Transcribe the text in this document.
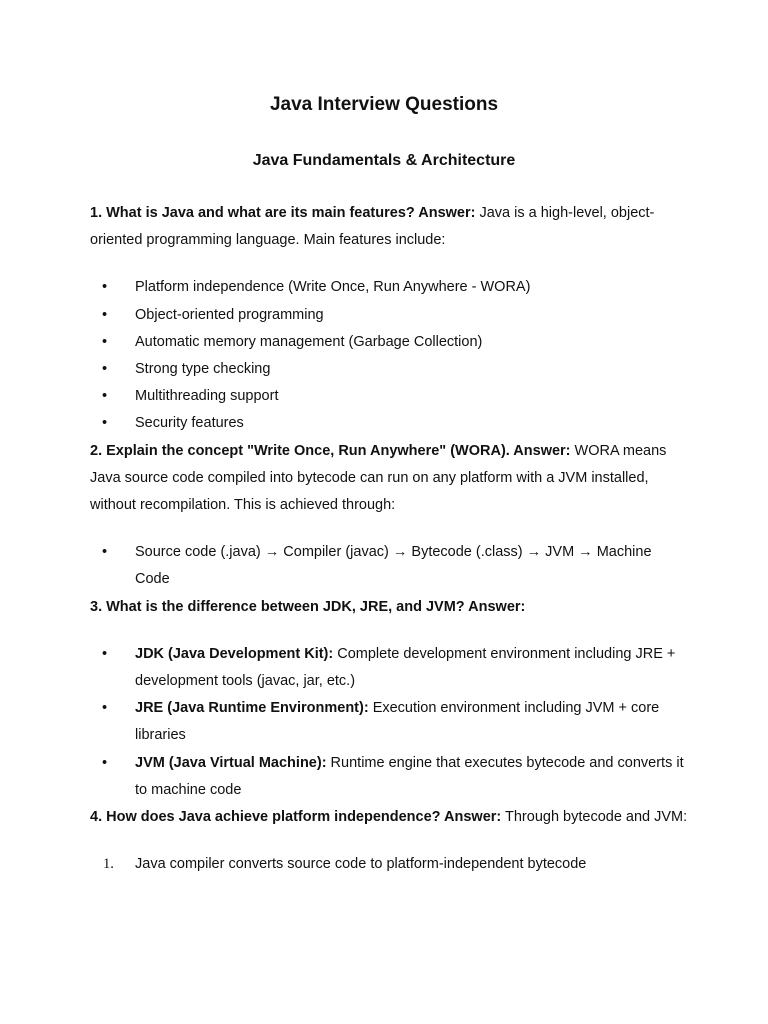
Java Interview Questions
Java Fundamentals & Architecture

1. What is Java and what are its main features? Answer: Java is a high-level, object-oriented programming language. Main features include:

• Platform independence (Write Once, Run Anywhere - WORA)
• Object-oriented programming
• Automatic memory management (Garbage Collection)
• Strong type checking
• Multithreading support
• Security features

2. Explain the concept "Write Once, Run Anywhere" (WORA). Answer: WORA means Java source code compiled into bytecode can run on any platform with a JVM installed, without recompilation. This is achieved through:

• Source code (.java) → Compiler (javac) → Bytecode (.class) → JVM → Machine Code

3. What is the difference between JDK, JRE, and JVM? Answer:

• JDK (Java Development Kit): Complete development environment including JRE + development tools (javac, jar, etc.)
• JRE (Java Runtime Environment): Execution environment including JVM + core libraries
• JVM (Java Virtual Machine): Runtime engine that executes bytecode and converts it to machine code

4. How does Java achieve platform independence? Answer: Through bytecode and JVM:

1. Java compiler converts source code to platform-independent bytecode
